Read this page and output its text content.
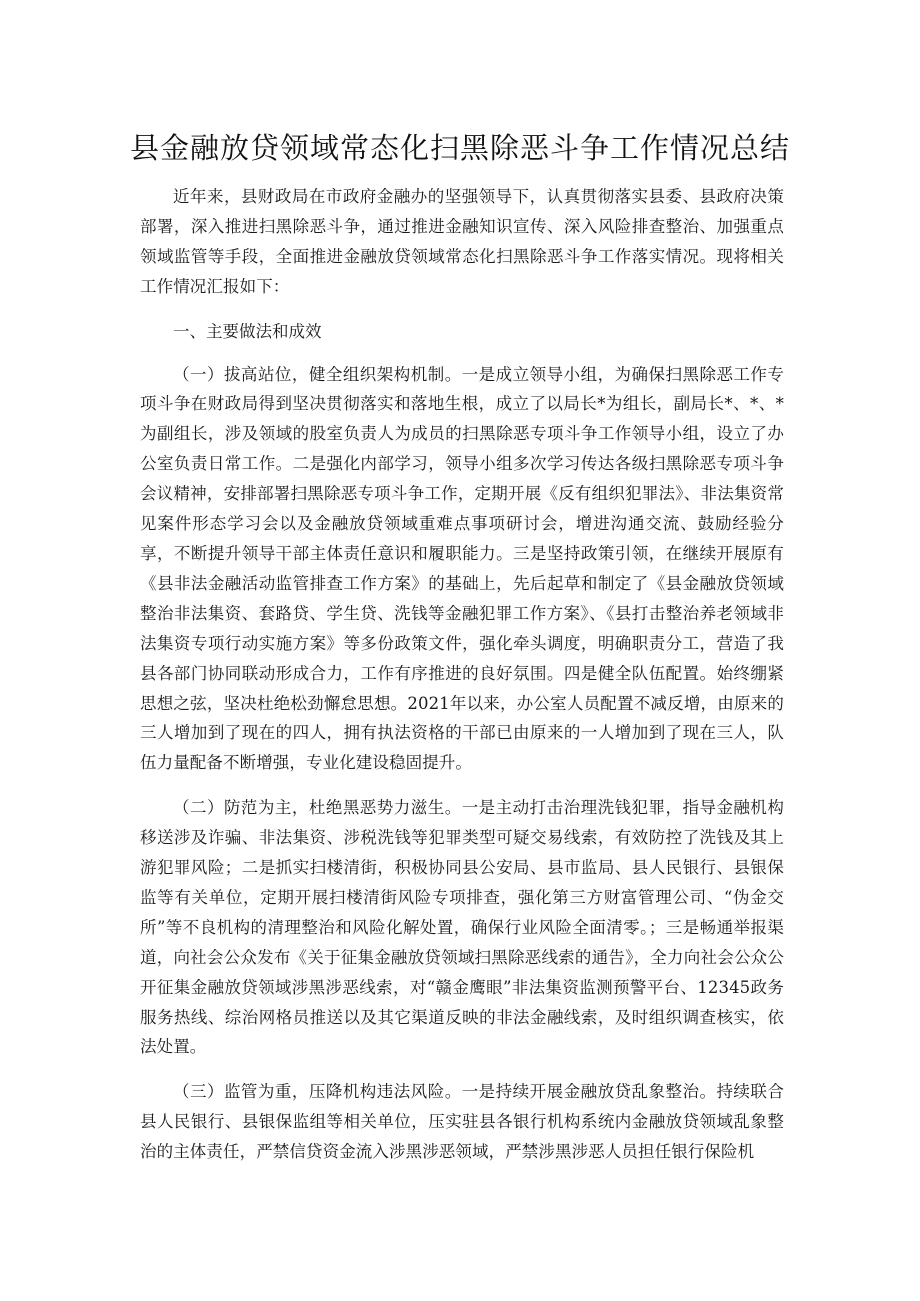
县金融放贷领域常态化扫黑除恶斗争工作情况总结

近年来，县财政局在市政府金融办的坚强领导下，认真贯彻落实县委、县政府决策部署，深入推进扫黑除恶斗争，通过推进金融知识宣传、深入风险排查整治、加强重点领域监管等手段，全面推进金融放贷领域常态化扫黑除恶斗争工作落实情况。现将相关工作情况汇报如下：

一、主要做法和成效

（一）拔高站位，健全组织架构机制。一是成立领导小组，为确保扫黑除恶工作专项斗争在财政局得到坚决贯彻落实和落地生根，成立了以局长*为组长，副局长*、*、*为副组长，涉及领域的股室负责人为成员的扫黑除恶专项斗争工作领导小组，设立了办公室负责日常工作。二是强化内部学习，领导小组多次学习传达各级扫黑除恶专项斗争会议精神，安排部署扫黑除恶专项斗争工作，定期开展《反有组织犯罪法》、非法集资常见案件形态学习会以及金融放贷领域重难点事项研讨会，增进沟通交流、鼓励经验分享，不断提升领导干部主体责任意识和履职能力。三是坚持政策引领，在继续开展原有《县非法金融活动监管排查工作方案》的基础上，先后起草和制定了《县金融放贷领域整治非法集资、套路贷、学生贷、洗钱等金融犯罪工作方案》、《县打击整治养老领域非法集资专项行动实施方案》等多份政策文件，强化牵头调度，明确职责分工，营造了我县各部门协同联动形成合力，工作有序推进的良好氛围。四是健全队伍配置。始终绷紧思想之弦，坚决杜绝松劲懈怠思想。2021年以来，办公室人员配置不减反增，由原来的三人增加到了现在的四人，拥有执法资格的干部已由原来的一人增加到了现在三人，队伍力量配备不断增强，专业化建设稳固提升。

（二）防范为主，杜绝黑恶势力滋生。一是主动打击治理洗钱犯罪，指导金融机构移送涉及诈骗、非法集资、涉税洗钱等犯罪类型可疑交易线索，有效防控了洗钱及其上游犯罪风险；二是抓实扫楼清街，积极协同县公安局、县市监局、县人民银行、县银保监等有关单位，定期开展扫楼清街风险专项排查，强化第三方财富管理公司、“伪金交所”等不良机构的清理整治和风险化解处置，确保行业风险全面清零。；三是畅通举报渠道，向社会公众发布《关于征集金融放贷领域扫黑除恶线索的通告》，全力向社会公众公开征集金融放贷领域涉黑涉恶线索，对“赣金鹰眼”非法集资监测预警平台、12345政务服务热线、综治网格员推送以及其它渠道反映的非法金融线索，及时组织调查核实，依法处置。

（三）监管为重，压降机构违法风险。一是持续开展金融放贷乱象整治。持续联合县人民银行、县银保监组等相关单位，压实驻县各银行机构系统内金融放贷领域乱象整治的主体责任，严禁信贷资金流入涉黑涉恶领域，严禁涉黑涉恶人员担任银行保险机
